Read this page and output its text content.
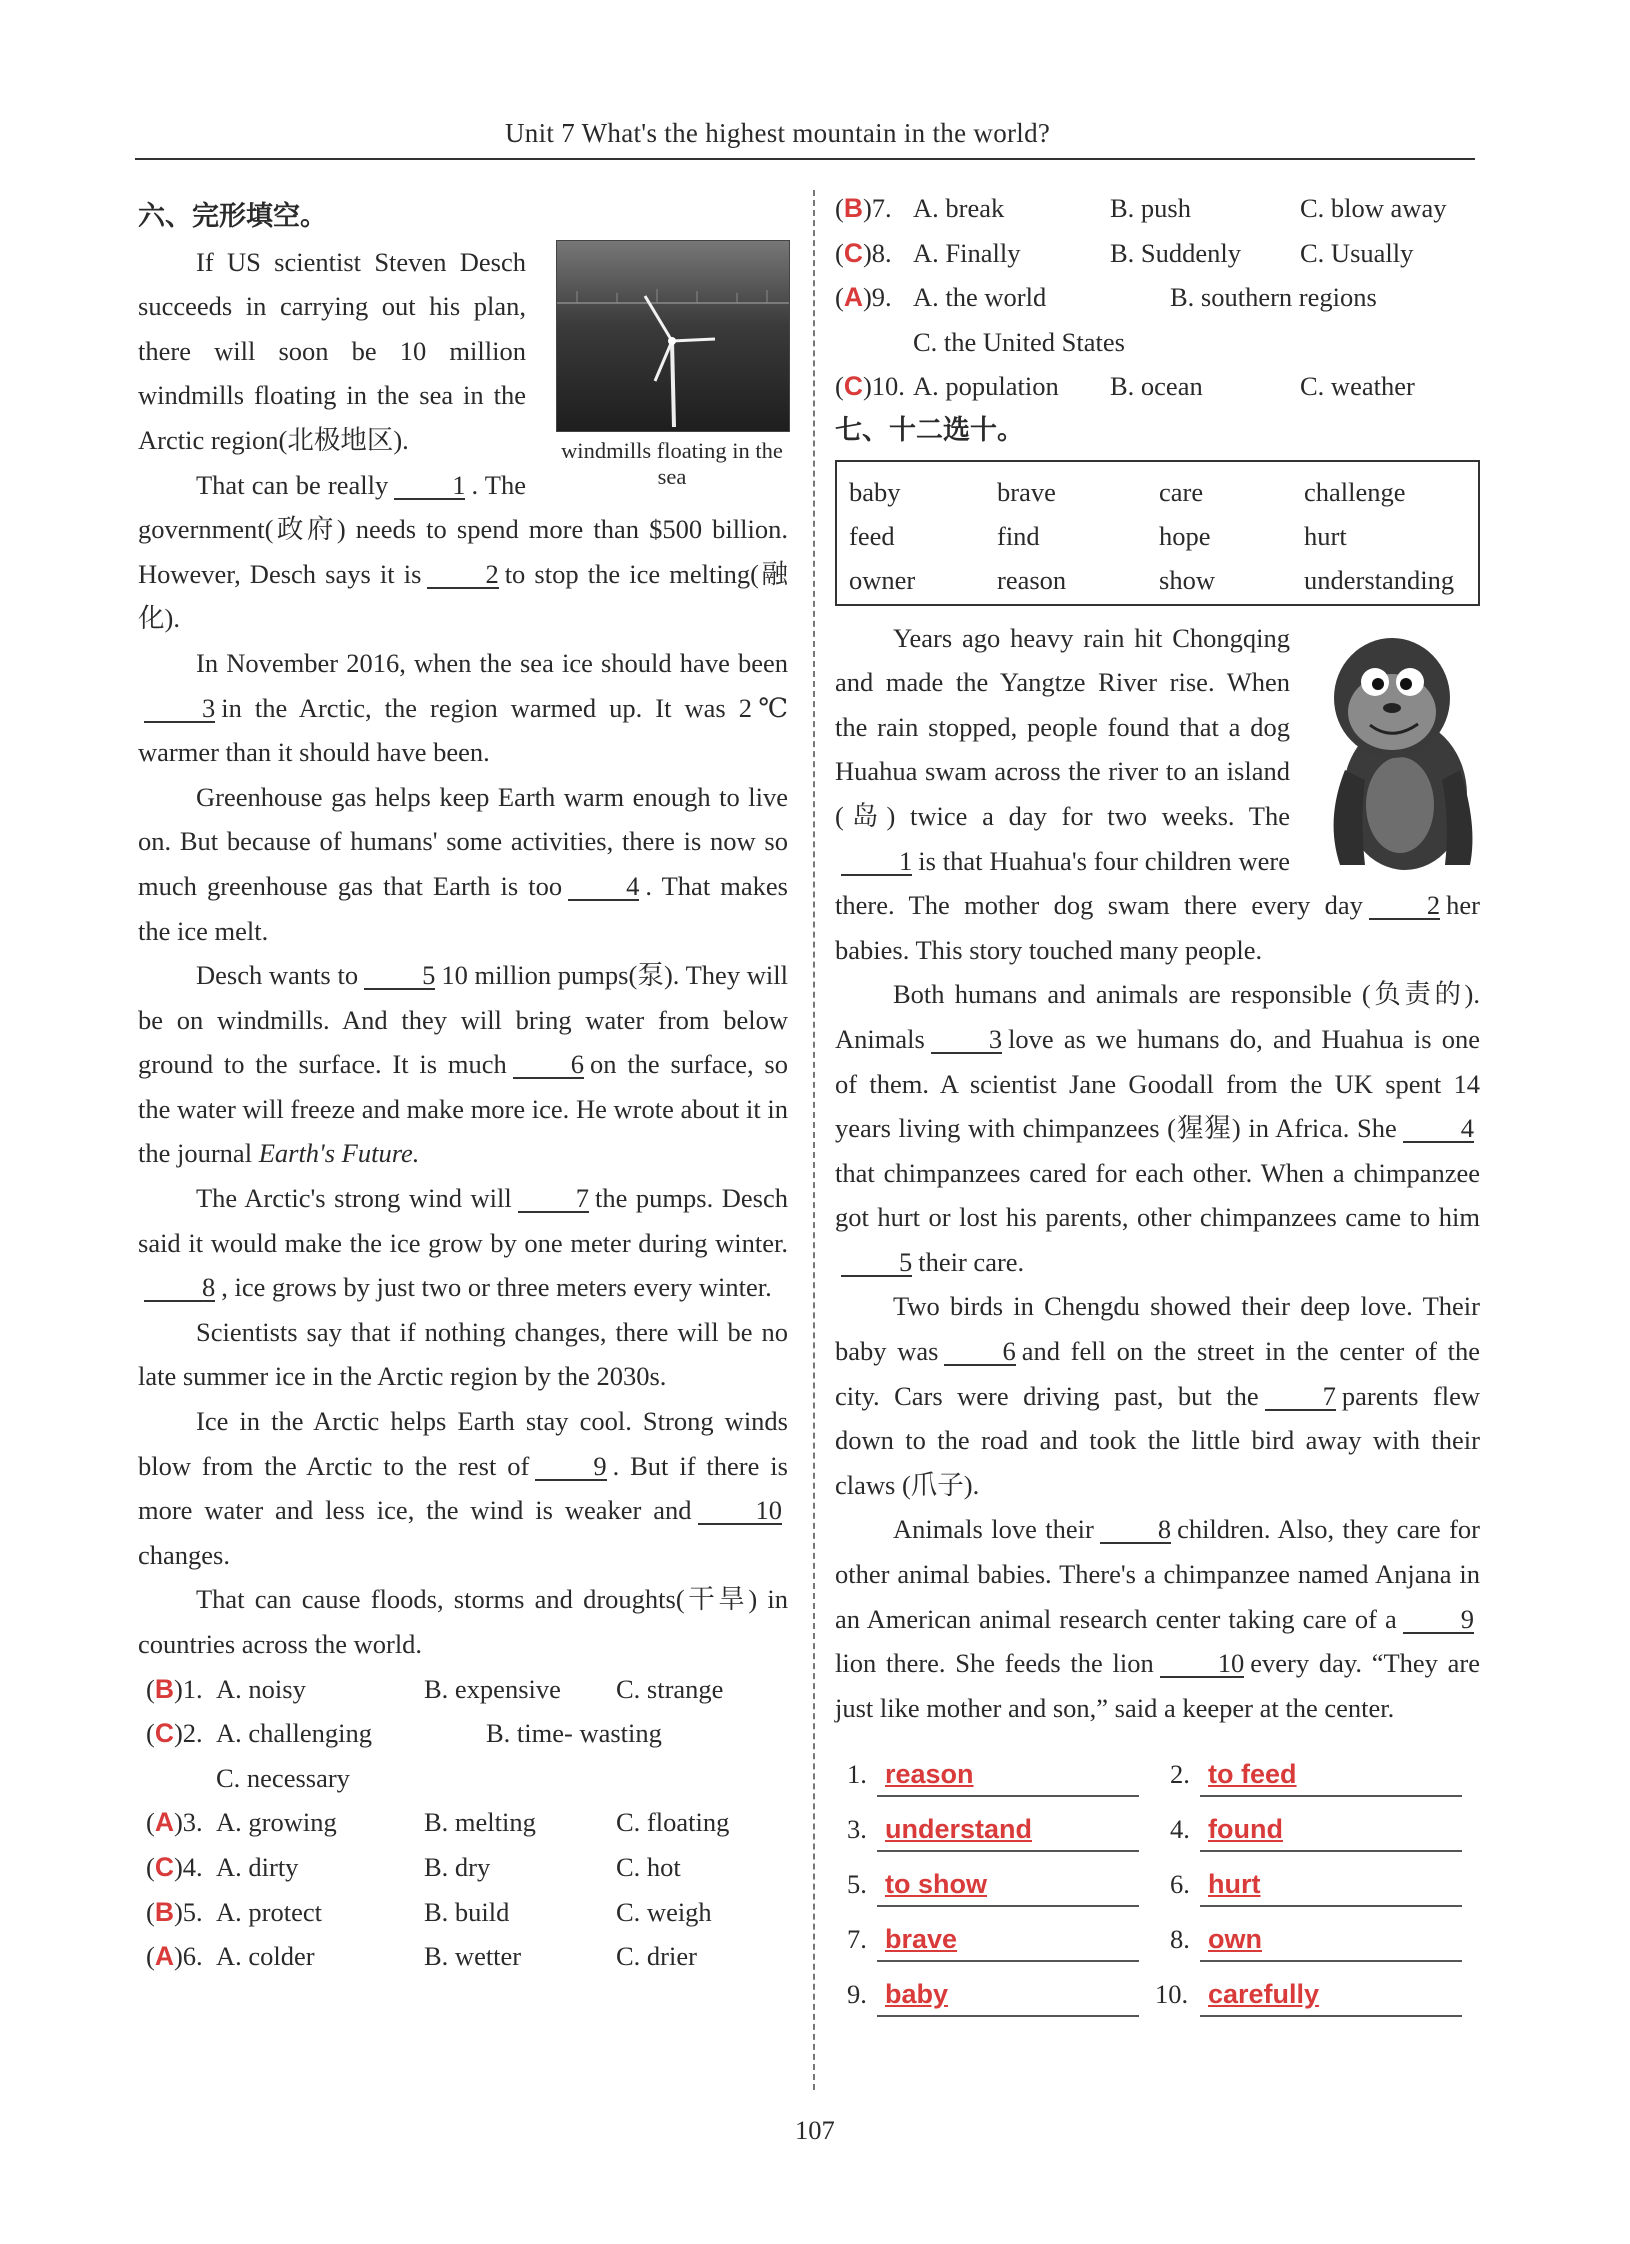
Unit 7 What's the highest mountain in the world?
六、完形填空。
windmills floating in the sea

If US scientist Steven Desch succeeds in carrying out his plan, there will soon be 10 million windmills floating in the sea in the Arctic region(北极地区).

That can be really 1 . The government(政府) needs to spend more than $500 billion. However, Desch says it is 2 to stop the ice melting(融化).

In November 2016, when the sea ice should have been3 in the Arctic, the region warmed up. It was 2℃ warmer than it should have been.

Greenhouse gas helps keep Earth warm enough to live on. But because of humans' some activities, there is now so much greenhouse gas that Earth is too 4 . That makes the ice melt.

Desch wants to 5 10 million pumps(泵). They will be on windmills. And they will bring water from below ground to the surface. It is much 6 on the surface, so the water will freeze and make more ice. He wrote about it in the journal Earth's Future.

The Arctic's strong wind will 7 the pumps. Desch said it would make the ice grow by one meter during winter.8 , ice grows by just two or three meters every winter.

Scientists say that if nothing changes, there will be no late summer ice in the Arctic region by the 2030s.

Ice in the Arctic helps Earth stay cool. Strong winds blow from the Arctic to the rest of 9 . But if there is more water and less ice, the wind is weaker and 10changes.

That can cause floods, storms and droughts(干旱) in countries across the world.

(B)1. A. noisy	B. expensive C. strange
(C)2. A. challenging	B. time- wasting
C. necessary
(A)3. A. growing	B. melting	C. floating
(C)4. A. dirty	B. dry	C. hot
(B)5. A. protect	B. build	C. weigh
(A)6. A. colder	B. wetter	C. drier
(B)7. A. break	B. push	C. blow away
(C)8. A. Finally	B. Suddenly C. Usually
(A)9. A. the world	B. southern regions
C. the United States
(C)10. A. population B. ocean	C. weather
七、十二选十。
baby	brave	care	challenge
feed	find	hope	hurt
owner	reason	show	understanding

Years ago heavy rain hit Chongqing and made the Yangtze River rise. When the rain stopped, people found that a dog Huahua swam across the river to an island (岛) twice a day for two weeks. The1 is that Huahua's four children were there. The mother dog swam there every day 2 her babies. This story touched many people.

Both humans and animals are responsible (负责的). Animals 3 love as we humans do, and Huahua is one of them. A scientist Jane Goodall from the UK spent 14 years living with chimpanzees (猩猩) in Africa. She 4that chimpanzees cared for each other. When a chimpanzee got hurt or lost his parents, other chimpanzees came to him5 their care.

Two birds in Chengdu showed their deep love. Their baby was 6 and fell on the street in the center of the city. Cars were driving past, but the 7 parents flew down to the road and took the little bird away with their claws (爪子).

Animals love their 8 children. Also, they care for other animal babies. There's a chimpanzee named Anjana in an American animal research center taking care of a 9lion there. She feeds the lion 10 every day. “They are just like mother and son,” said a keeper at the center.

1. reason	2. to feed
3. understand	4. found
5. to show	6. hurt
7. brave	8. own
9. baby	10. carefully
107
